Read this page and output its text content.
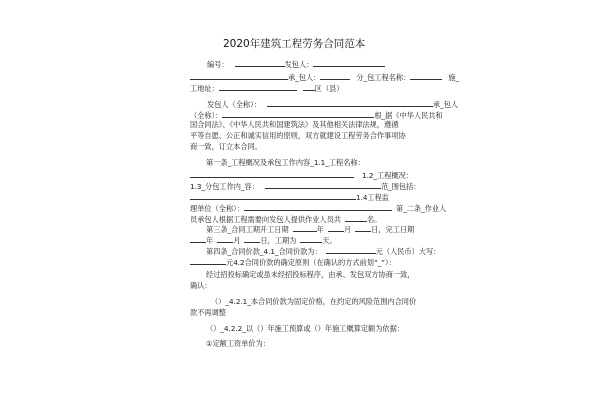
2020年建筑工程劳务合同范本
编号：	发包人：
承_包人：	分_包工程名称：	施_
工地址：	区（县）
发包人（全称）：	承_包人
（全称）：	根_据《中华人民共和
国合同法》、《中华人民共和国建筑法》及其他相关法律法规，遵循
平等自愿、公正和诚实信用的原则，双方就建设工程劳务合作事项协
商一致，订立本合同。
第一条_工程概况及承包工作内容_1.1_工程名称：
1.2_工程概况：
1.3_分包工作内_容：	范_围包括：
1.4工程监
理单位（全称）：	第_二条_作业人
员承包人根据工程需要向发包人提供作业人员共	名。
第三条_合同工期开工日期	年	月	日，完工日期
年	月	日，工期为	天。
第四条_合同价款_4.1_合同价款为：	元（人民币）大写：
元4.2合同价款的确定原则（在确认的方式前划“_”）：
经过招投标确定或虽未经招投标程序，由承、发包双方协商一致，
确认：
（）_4.2.1_本合同价款为固定价格，在约定的风险范围内合同价
款不再调整
（）_4.2.2_以（）年施工预算或（）年施工概算定额为依据：
①定额工资单价为：
